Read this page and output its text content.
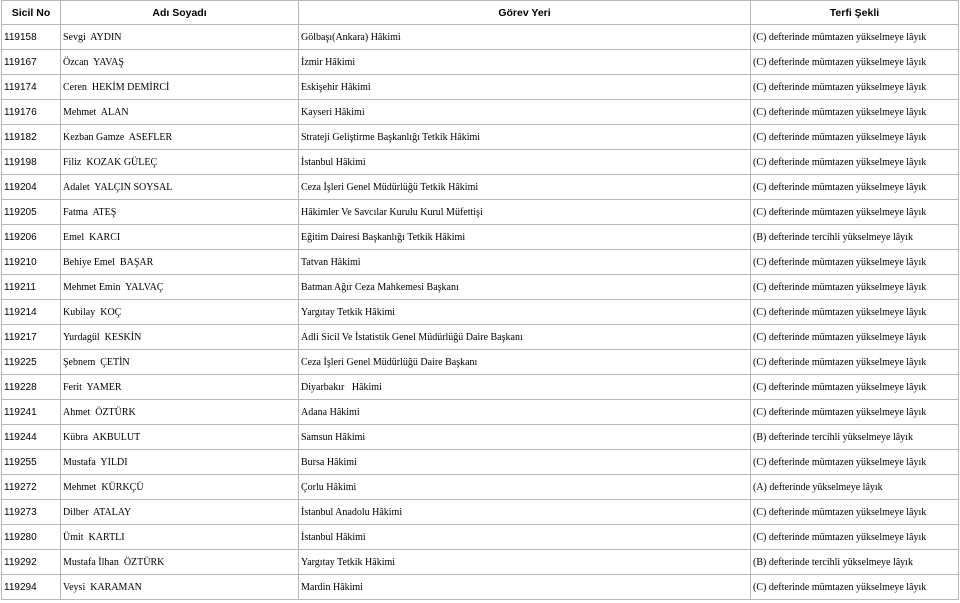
Sicil No	Adı Soyadı	Görev Yeri	Terfi Şekli
119158	Sevgi  AYDIN	Gölbaşı(Ankara) Hâkimi	(C) defterinde mümtazen yükselmeye lâyık
119167	Özcan  YAVAŞ	İzmir Hâkimi	(C) defterinde mümtazen yükselmeye lâyık
119174	Ceren  HEKİM DEMİRCİ	Eskişehir Hâkimi	(C) defterinde mümtazen yükselmeye lâyık
119176	Mehmet  ALAN	Kayseri Hâkimi	(C) defterinde mümtazen yükselmeye lâyık
119182	Kezban Gamze  ASEFLER	Strateji Geliştirme Başkanlığı Tetkik Hâkimi	(C) defterinde mümtazen yükselmeye lâyık
119198	Filiz  KOZAK GÜLEÇ	İstanbul Hâkimi	(C) defterinde mümtazen yükselmeye lâyık
119204	Adalet  YALÇIN SOYSAL	Ceza İşleri Genel Müdürlüğü Tetkik Hâkimi	(C) defterinde mümtazen yükselmeye lâyık
119205	Fatma  ATEŞ	Hâkimler Ve Savcılar Kurulu Kurul Müfettişi	(C) defterinde mümtazen yükselmeye lâyık
119206	Emel  KARCI	Eğitim Dairesi Başkanlığı Tetkik Hâkimi	(B) defterinde tercihli yükselmeye lâyık
119210	Behiye Emel  BAŞAR	Tatvan Hâkimi	(C) defterinde mümtazen yükselmeye lâyık
119211	Mehmet Emin  YALVAÇ	Batman Ağır Ceza Mahkemesi Başkanı	(C) defterinde mümtazen yükselmeye lâyık
119214	Kubilay  KOÇ	Yargıtay Tetkik Hâkimi	(C) defterinde mümtazen yükselmeye lâyık
119217	Yurdagül  KESKİN	Adli Sicil Ve İstatistik Genel Müdürlüğü Daire Başkanı	(C) defterinde mümtazen yükselmeye lâyık
119225	Şebnem  ÇETİN	Ceza İşleri Genel Müdürlüğü Daire Başkanı	(C) defterinde mümtazen yükselmeye lâyık
119228	Ferit  YAMER	Diyarbakır   Hâkimi	(C) defterinde mümtazen yükselmeye lâyık
119241	Ahmet  ÖZTÜRK	Adana Hâkimi	(C) defterinde mümtazen yükselmeye lâyık
119244	Kübra  AKBULUT	Samsun Hâkimi	(B) defterinde tercihli yükselmeye lâyık
119255	Mustafa  YILDI	Bursa Hâkimi	(C) defterinde mümtazen yükselmeye lâyık
119272	Mehmet  KÜRKÇÜ	Çorlu Hâkimi	(A) defterinde yükselmeye lâyık
119273	Dilber  ATALAY	İstanbul Anadolu Hâkimi	(C) defterinde mümtazen yükselmeye lâyık
119280	Ümit  KARTLI	İstanbul Hâkimi	(C) defterinde mümtazen yükselmeye lâyık
119292	Mustafa İlhan  ÖZTÜRK	Yargıtay Tetkik Hâkimi	(B) defterinde tercihli yükselmeye lâyık
119294	Veysi  KARAMAN	Mardin Hâkimi	(C) defterinde mümtazen yükselmeye lâyık
